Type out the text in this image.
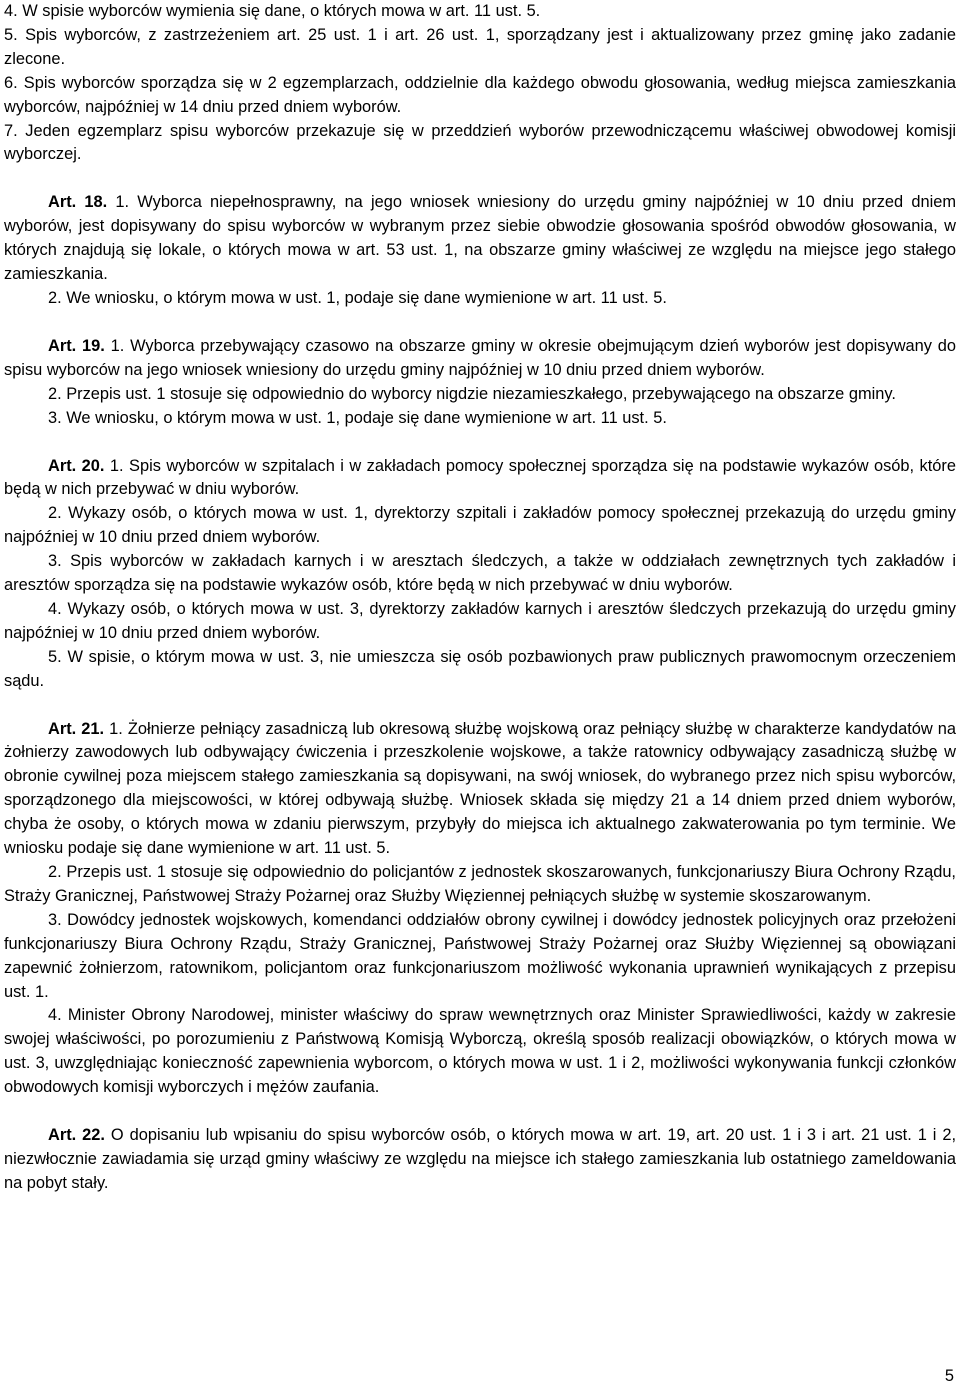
4. W spisie wyborców wymienia się dane, o których mowa w art. 11 ust. 5.

5. Spis wyborców, z zastrzeżeniem art. 25 ust. 1 i art. 26 ust. 1, sporządzany jest i aktualizowany przez gminę jako zadanie zlecone.

6. Spis wyborców sporządza się w 2 egzemplarzach, oddzielnie dla każdego obwodu głosowania, według miejsca zamieszkania wyborców, najpóźniej w 14 dniu przed dniem wyborów.

7. Jeden egzemplarz spisu wyborców przekazuje się w przeddzień wyborów przewodniczącemu właściwej obwodowej komisji wyborczej.

Art. 18. 1. Wyborca niepełnosprawny, na jego wniosek wniesiony do urzędu gminy najpóźniej w 10 dniu przed dniem wyborów, jest dopisywany do spisu wyborców w wybranym przez siebie obwodzie głosowania spośród obwodów głosowania, w których znajdują się lokale, o których mowa w art. 53 ust. 1, na obszarze gminy właściwej ze względu na miejsce jego stałego zamieszkania.

2. We wniosku, o którym mowa w ust. 1, podaje się dane wymienione w art. 11 ust. 5.

Art. 19. 1. Wyborca przebywający czasowo na obszarze gminy w okresie obejmującym dzień wyborów jest dopisywany do spisu wyborców na jego wniosek wniesiony do urzędu gminy najpóźniej w 10 dniu przed dniem wyborów.

2. Przepis ust. 1 stosuje się odpowiednio do wyborcy nigdzie niezamieszkałego, przebywającego na obszarze gminy.

3. We wniosku, o którym mowa w ust. 1, podaje się dane wymienione w art. 11 ust. 5.

Art. 20. 1. Spis wyborców w szpitalach i w zakładach pomocy społecznej sporządza się na podstawie wykazów osób, które będą w nich przebywać w dniu wyborów.

2. Wykazy osób, o których mowa w ust. 1, dyrektorzy szpitali i zakładów pomocy społecznej przekazują do urzędu gminy najpóźniej w 10 dniu przed dniem wyborów.

3. Spis wyborców w zakładach karnych i w aresztach śledczych, a także w oddziałach zewnętrznych tych zakładów i aresztów sporządza się na podstawie wykazów osób, które będą w nich przebywać w dniu wyborów.

4. Wykazy osób, o których mowa w ust. 3, dyrektorzy zakładów karnych i aresztów śledczych przekazują do urzędu gminy najpóźniej w 10 dniu przed dniem wyborów.

5. W spisie, o którym mowa w ust. 3, nie umieszcza się osób pozbawionych praw publicznych prawomocnym orzeczeniem sądu.

Art. 21. 1. Żołnierze pełniący zasadniczą lub okresową służbę wojskową oraz pełniący służbę w charakterze kandydatów na żołnierzy zawodowych lub odbywający ćwiczenia i przeszkolenie wojskowe, a także ratownicy odbywający zasadniczą służbę w obronie cywilnej poza miejscem stałego zamieszkania są dopisywani, na swój wniosek, do wybranego przez nich spisu wyborców, sporządzonego dla miejscowości, w której odbywają służbę. Wniosek składa się między 21 a 14 dniem przed dniem wyborów, chyba że osoby, o których mowa w zdaniu pierwszym, przybyły do miejsca ich aktualnego zakwaterowania po tym terminie. We wniosku podaje się dane wymienione w art. 11 ust. 5.

2. Przepis ust. 1 stosuje się odpowiednio do policjantów z jednostek skoszarowanych, funkcjonariuszy Biura Ochrony Rządu, Straży Granicznej, Państwowej Straży Pożarnej oraz Służby Więziennej pełniących służbę w systemie skoszarowanym.

3. Dowódcy jednostek wojskowych, komendanci oddziałów obrony cywilnej i dowódcy jednostek policyjnych oraz przełożeni funkcjonariuszy Biura Ochrony Rządu, Straży Granicznej, Państwowej Straży Pożarnej oraz Służby Więziennej są obowiązani zapewnić żołnierzom, ratownikom, policjantom oraz funkcjonariuszom możliwość wykonania uprawnień wynikających z przepisu ust. 1.

4. Minister Obrony Narodowej, minister właściwy do spraw wewnętrznych oraz Minister Sprawiedliwości, każdy w zakresie swojej właściwości, po porozumieniu z Państwową Komisją Wyborczą, określą sposób realizacji obowiązków, o których mowa w ust. 3, uwzględniając konieczność zapewnienia wyborcom, o których mowa w ust. 1 i 2, możliwości wykonywania funkcji członków obwodowych komisji wyborczych i mężów zaufania.

Art. 22. O dopisaniu lub wpisaniu do spisu wyborców osób, o których mowa w art. 19, art. 20 ust. 1 i 3 i art. 21 ust. 1 i 2, niezwłocznie zawiadamia się urząd gminy właściwy ze względu na miejsce ich stałego zamieszkania lub ostatniego zameldowania na pobyt stały.

5
